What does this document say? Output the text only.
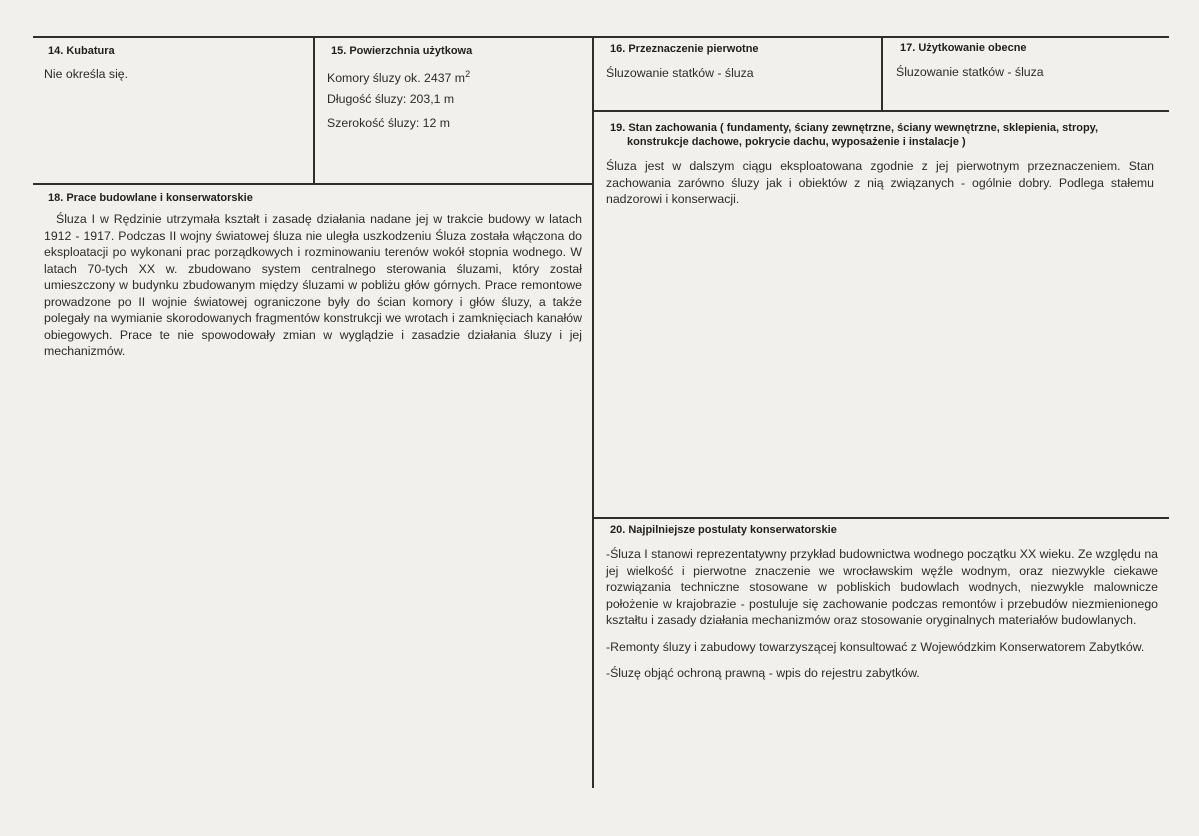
14. Kubatura
Nie określa się.
15. Powierzchnia użytkowa
Komory śluzy ok. 2437 $m^2$
Długość śluzy: 203,1 m
Szerokość śluzy: 12 m
16. Przeznaczenie pierwotne
Śluzowanie statków - śluza
17. Użytkowanie obecne
Śluzowanie statków - śluza
18. Prace budowlane i konserwatorskie
Śluza I w Rędzinie utrzymała kształt i zasadę działania nadane jej w trakcie budowy w latach 1912 - 1917. Podczas II wojny światowej śluza nie uległa uszkodzeniu Śluza została włączona do eksploatacji po wykonani prac porządkowych i rozminowaniu terenów wokół stopnia wodnego. W latach 70-tych XX w. zbudowano system centralnego sterowania śluzami, który został umieszczony w budynku zbudowanym między śluzami w pobliżu głów górnych. Prace remontowe prowadzone po II wojnie światowej ograniczone były do ścian komory i głów śluzy, a także polegały na wymianie skorodowanych fragmentów konstrukcji we wrotach i zamknięciach kanałów obiegowych. Prace te nie spowodowały zmian w wyglądzie i zasadzie działania śluzy i jej mechanizmów.
19. Stan zachowania ( fundamenty, ściany zewnętrzne, ściany wewnętrzne, sklepienia, stropy,
konstrukcje dachowe, pokrycie dachu, wyposażenie i instalacje )
Śluza jest w dalszym ciągu eksploatowana zgodnie z jej pierwotnym przeznaczeniem. Stan zachowania zarówno śluzy jak i obiektów z nią związanych - ogólnie dobry. Podlega stałemu nadzorowi i konserwacji.
20. Najpilniejsze postulaty konserwatorskie

-Śluza I stanowi reprezentatywny przykład budownictwa wodnego początku XX wieku. Ze względu na jej wielkość i pierwotne znaczenie we wrocławskim węźle wodnym, oraz niezwykle ciekawe rozwiązania techniczne stosowane w pobliskich budowlach wodnych, niezwykle malownicze położenie w krajobrazie - postuluje się zachowanie podczas remontów i przebudów niezmienionego kształtu i zasady działania mechanizmów oraz stosowanie oryginalnych materiałów budowlanych.

-Remonty śluzy i zabudowy towarzyszącej konsultować z Wojewódzkim Konserwatorem Zabytków.

-Śluzę objąć ochroną prawną - wpis do rejestru zabytków.
